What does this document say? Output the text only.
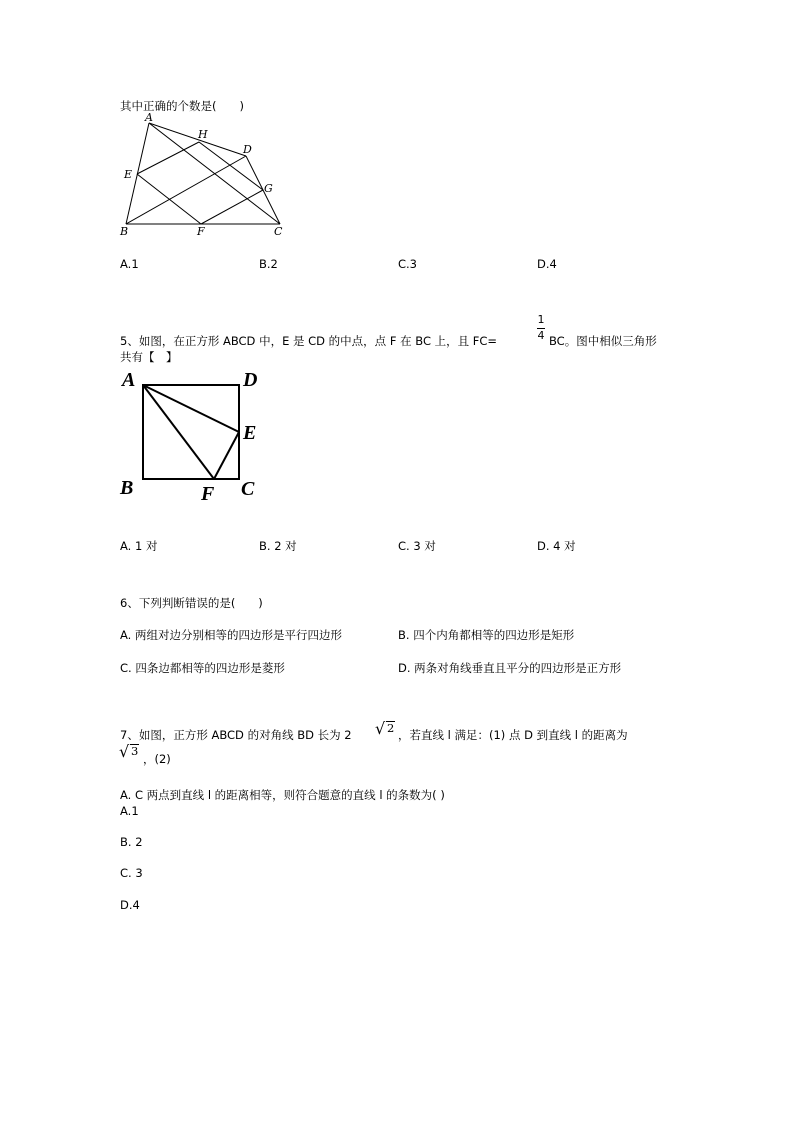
其中正确的个数是(　　)
A
H
D
E
G
B	F	C
A.1	B.2	C.3	D.4
5、如图，在正方形 ABCD 中，E 是 CD 的中点，点 F 在 BC 上，且 FC=
1
4 BC。图中相似三角形
共有【　】
A	D
E
B	F C
A. 1 对	B. 2 对	C. 3 对	D. 4 对
6、下列判断错误的是(　　)
A. 两组对边分别相等的四边形是平行四边形	B. 四个内角都相等的四边形是矩形
C. 四条边都相等的四边形是菱形	D. 两条对角线垂直且平分的四边形是正方形
7、如图，正方形 ABCD 的对角线 BD 长为 2 √ 2 ，若直线 l 满足：(1) 点 D 到直线 l 的距离为
√ 3
，(2)
A. C 两点到直线 l 的距离相等，则符合题意的直线 l 的条数为( )
A.1
B. 2
C. 3
D.4
